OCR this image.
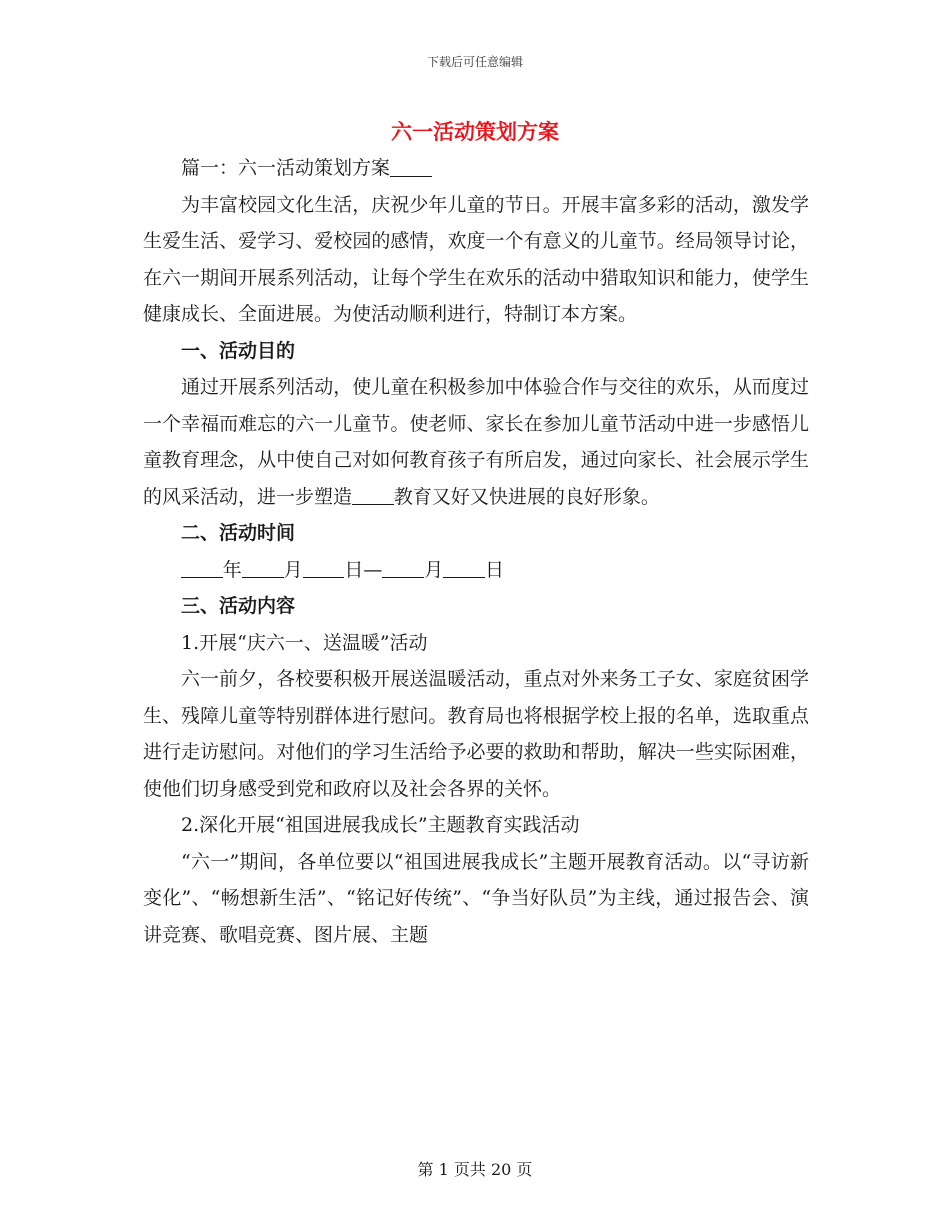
下载后可任意编辑
六一活动策划方案

篇一：六一活动策划方案

为丰富校园文化生活，庆祝少年儿童的节日。开展丰富多彩的活动，激发学生爱生活、爱学习、爱校园的感情，欢度一个有意义的儿童节。经局领导讨论，在六一期间开展系列活动，让每个学生在欢乐的活动中猎取知识和能力，使学生健康成长、全面进展。为使活动顺利进行，特制订本方案。

一、活动目的

通过开展系列活动，使儿童在积极参加中体验合作与交往的欢乐，从而度过一个幸福而难忘的六一儿童节。使老师、家长在参加儿童节活动中进一步感悟儿童教育理念，从中使自己对如何教育孩子有所启发，通过向家长、社会展示学生的风采活动，进一步塑造 教育又好又快进展的良好形象。

二、活动时间

年 月 日— 月 日

三、活动内容

1.开展“庆六一、送温暖”活动

六一前夕，各校要积极开展送温暖活动，重点对外来务工子女、家庭贫困学生、残障儿童等特别群体进行慰问。教育局也将根据学校上报的名单，选取重点进行走访慰问。对他们的学习生活给予必要的救助和帮助，解决一些实际困难，使他们切身感受到党和政府以及社会各界的关怀。

2.深化开展“祖国进展我成长”主题教育实践活动

“六一”期间，各单位要以“祖国进展我成长”主题开展教育活动。以“寻访新变化”、“畅想新生活”、“铭记好传统”、“争当好队员”为主线，通过报告会、演讲竞赛、歌唱竞赛、图片展、主题

第 1 页共 20 页
